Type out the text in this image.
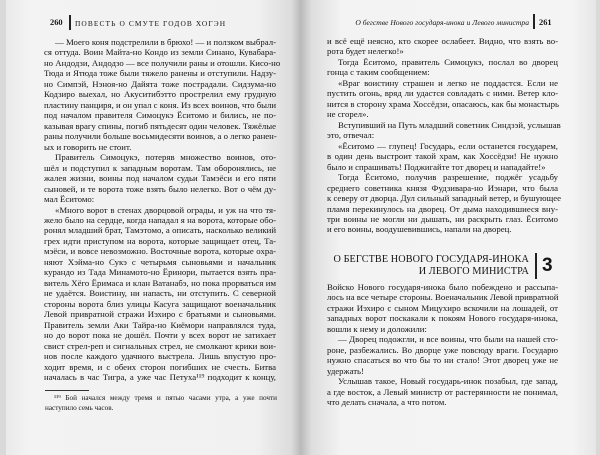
260 ПОВЕСТЬ О СМУТЕ ГОДОВ ХОГЭН
— Моего коня подстрелили в брюхо! — и ползком выбрал-
ся оттуда. Воин Майта-но Кондо из земли Синано, Кувабара-
но Андодзи, Андодзо — все получили раны и отошли. Кисо-но
Тюда и Ятюда тоже были тяжело ранены и отступили. Надзу-
но Симпэй, Нэноя-но Дайята тоже пострадали. Сидзума-но
Кодзиро выехал, но Акуситибэтто прострелил ему грудную
пластину панциря, и он упал с коня. Из всех воинов, что были
под началом правителя Симоцукэ Ёситомо и бились, не по-
казывая врагу спины, погиб пятьдесят один человек. Тяжёлые
раны получили больше восьмидесяти воинов, а о легко ранен-
ых и говорить не стоит.
Правитель Симоцукэ, потеряв множество воинов, ото-
шёл и подступил к западным воротам. Там оборонялись, не
жалея жизни, воины под началом судьи Тамэёси и его пяти
сыновей, и те ворота тоже взять было нелегко. Вот о чём ду-
мал Ёситомо:
«Много ворот в стенах дворцовой ограды, и уж на что тя-
жело было на сердце, когда нападал я на ворота, которые обо-
ронял младший брат, Тамэтомо, а описать, насколько великий
грех идти приступом на ворота, которые защищает отец, Та-
мэёси, и вовсе невозможно. Восточные ворота, которые охра-
няют Хэйма-но Сукэ с четырьмя сыновьями и начальник
курандо из Тада Минамото-но Ёринори, пытается взять пра-
витель Хёго Ёримаса и клан Ватанабэ, но пока прорваться им
не удаётся. Воистину, ни напасть, ни отступить. С северной
стороны ворота близ улицы Касуга защищают военачальник
Левой привратной стражи Иэхиро с братьями и сыновьями.
Правитель земли Аки Тайра-но Киёмори направлялся туда,
но до ворот пока не дошёл. Почти у всех ворот не затихает
свист стрел-реп и сигнальных стрел, не смолкают крики вои-
нов после каждого удачного выстрела. Лишь впустую про-
ходит время, и с обеих сторон погибших не счесть. Битва
началась в час Тигра, а уже час Петуха¹¹⁹ подходит к концу,
¹¹⁹ Бой начался между тремя и пятью часами утра, а уже почти
наступило семь часов.
О бегстве Нового государя-инока и Левого министра 261
и всё ещё неясно, кто скорее ослабеет. Видно, что взять во-
рота будет нелегко!»
Тогда Ёситомо, правитель Симоцукэ, послал во дворец
гонца с таким сообщением:
«Враг воистину страшен и легко не поддастся. Если не
пустить огонь, вряд ли удастся совладать с ними. Ветер кло-
нится в сторону храма Хоссёдзи, опасаюсь, как бы монастырь
не сгорел».
Вступивший на Путь младший советник Синдзэй, услышав
это, отвечал:
«Ёситомо — глупец! Государь, если останется государем,
в один день выстроит такой храм, как Хоссёдзи! Не нужно
было и спрашивать! Поджигайте тот дворец и нападайте!»
Тогда Ёситомо, получив разрешение, поджёг усадьбу
среднего советника князя Фудзивара-но Иэнари, что была
к северу от дворца. Дул сильный западный ветер, и бушующее
пламя перекинулось на дворец. От дыма находившиеся вну-
три воины не могли ни дышать, ни раскрыть глаз. Ёситомо
и его воины, воодушевившись, напали на дворец.
О БЕГСТВЕ НОВОГО ГОСУДАРЯ-ИНОКА
И ЛЕВОГО МИНИСТРА 3
Войско Нового государя-инока было побеждено и рассыпа-
лось на все четыре стороны. Военачальник Левой привратной
стражи Иэхиро с сыном Мицухиро вскочили на лошадей, от
западных ворот поскакали к покоям Нового государя-инока,
вошли к нему и доложили:
— Дворец подожгли, и все воины, что были на нашей сто-
роне, разбежались. Во дворце уже повсюду враги. Государю
нужно спасаться во что бы то ни стало! Этот дворец уже не
удержать!
Услышав такое, Новый государь-инок позабыл, где запад,
а где восток, а Левый министр от растерянности не понимал,
что делать сначала, а что потом.
